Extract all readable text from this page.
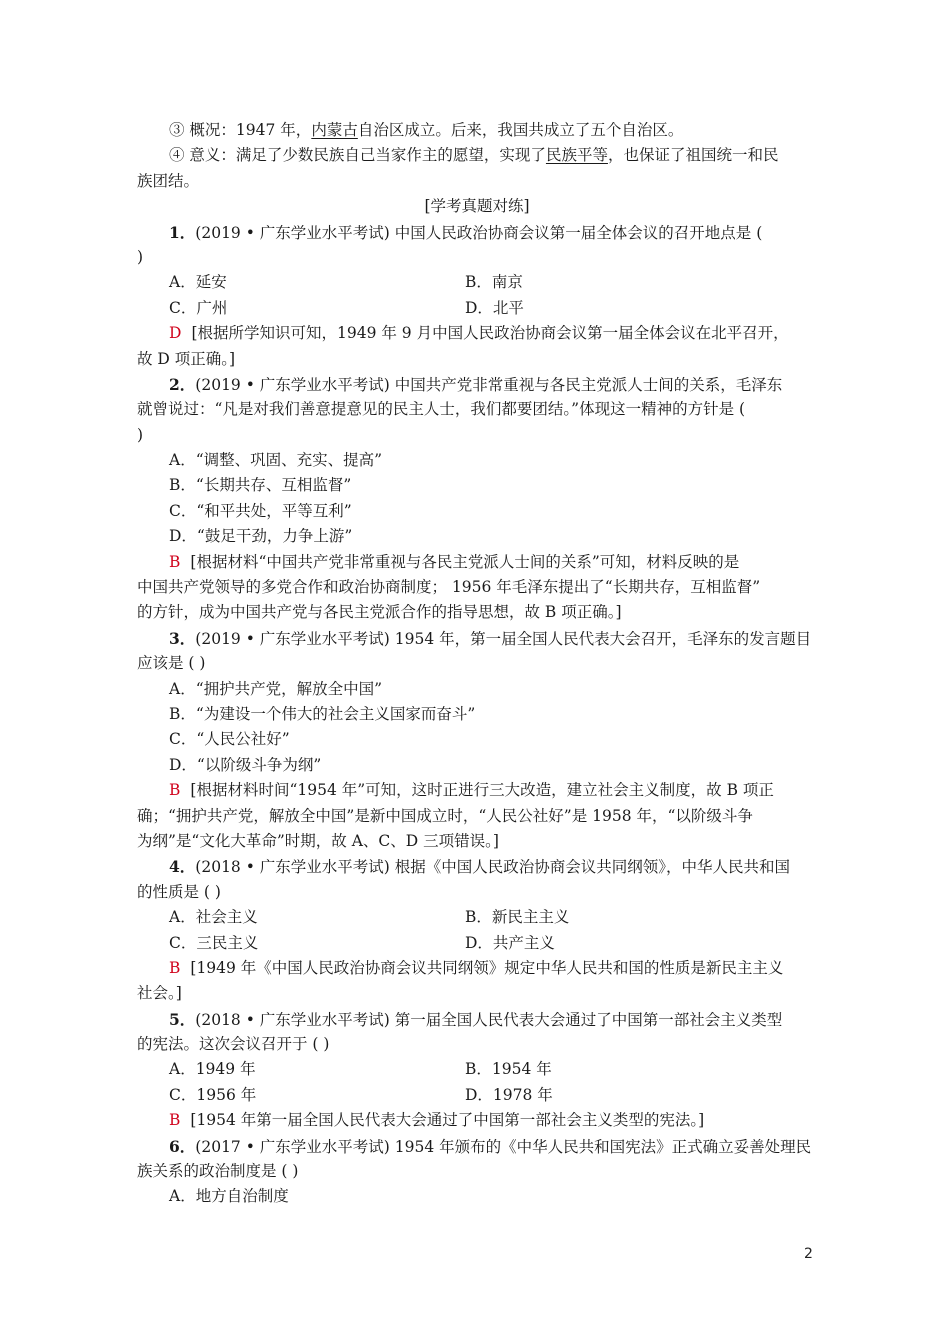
③ 概况：1947 年，内蒙古自治区成立。后来，我国共成立了五个自治区。
④ 意义：满足了少数民族自己当家作主的愿望，实现了民族平等，也保证了祖国统一和民
族团结。
[学考真题对练]
1．(2019 • 广东学业水平考试) 中国人民政治协商会议第一届全体会议的召开地点是 (
)
A．延安	B．南京
C．广州	D．北平
D [根据所学知识可知，1949 年 9 月中国人民政治协商会议第一届全体会议在北平召开，
故 D 项正确。]
2．(2019 • 广东学业水平考试) 中国共产党非常重视与各民主党派人士间的关系，毛泽东
就曾说过：“凡是对我们善意提意见的民主人士，我们都要团结。”体现这一精神的方针是 (
)
A．“调整、巩固、充实、提高”
B．“长期共存、互相监督”
C．“和平共处，平等互利”
D．“鼓足干劲，力争上游”
B [根据材料“中国共产党非常重视与各民主党派人士间的关系”可知，材料反映的是
中国共产党领导的多党合作和政治协商制度； 1956 年毛泽东提出了“长期共存，互相监督”
的方针，成为中国共产党与各民主党派合作的指导思想，故 B 项正确。]
3．(2019 • 广东学业水平考试) 1954 年，第一届全国人民代表大会召开，毛泽东的发言题目
应该是 ( )
A．“拥护共产党，解放全中国”
B．“为建设一个伟大的社会主义国家而奋斗”
C．“人民公社好”
D．“以阶级斗争为纲”
B [根据材料时间“1954 年”可知，这时正进行三大改造，建立社会主义制度，故 B 项正
确；“拥护共产党，解放全中国”是新中国成立时，“人民公社好”是 1958 年，“以阶级斗争
为纲”是“文化大革命”时期，故 A、C、D 三项错误。]
4．(2018 • 广东学业水平考试) 根据《中国人民政治协商会议共同纲领》，中华人民共和国
的性质是 ( )
A．社会主义	B．新民主主义
C．三民主义	D．共产主义
B [1949 年《中国人民政治协商会议共同纲领》规定中华人民共和国的性质是新民主主义
社会。]
5．(2018 • 广东学业水平考试) 第一届全国人民代表大会通过了中国第一部社会主义类型
的宪法。这次会议召开于 ( )
A．1949 年	B．1954 年
C．1956 年	D．1978 年
B [1954 年第一届全国人民代表大会通过了中国第一部社会主义类型的宪法。]
6．(2017 • 广东学业水平考试) 1954 年颁布的《中华人民共和国宪法》正式确立妥善处理民
族关系的政治制度是 ( )
A．地方自治制度
2
